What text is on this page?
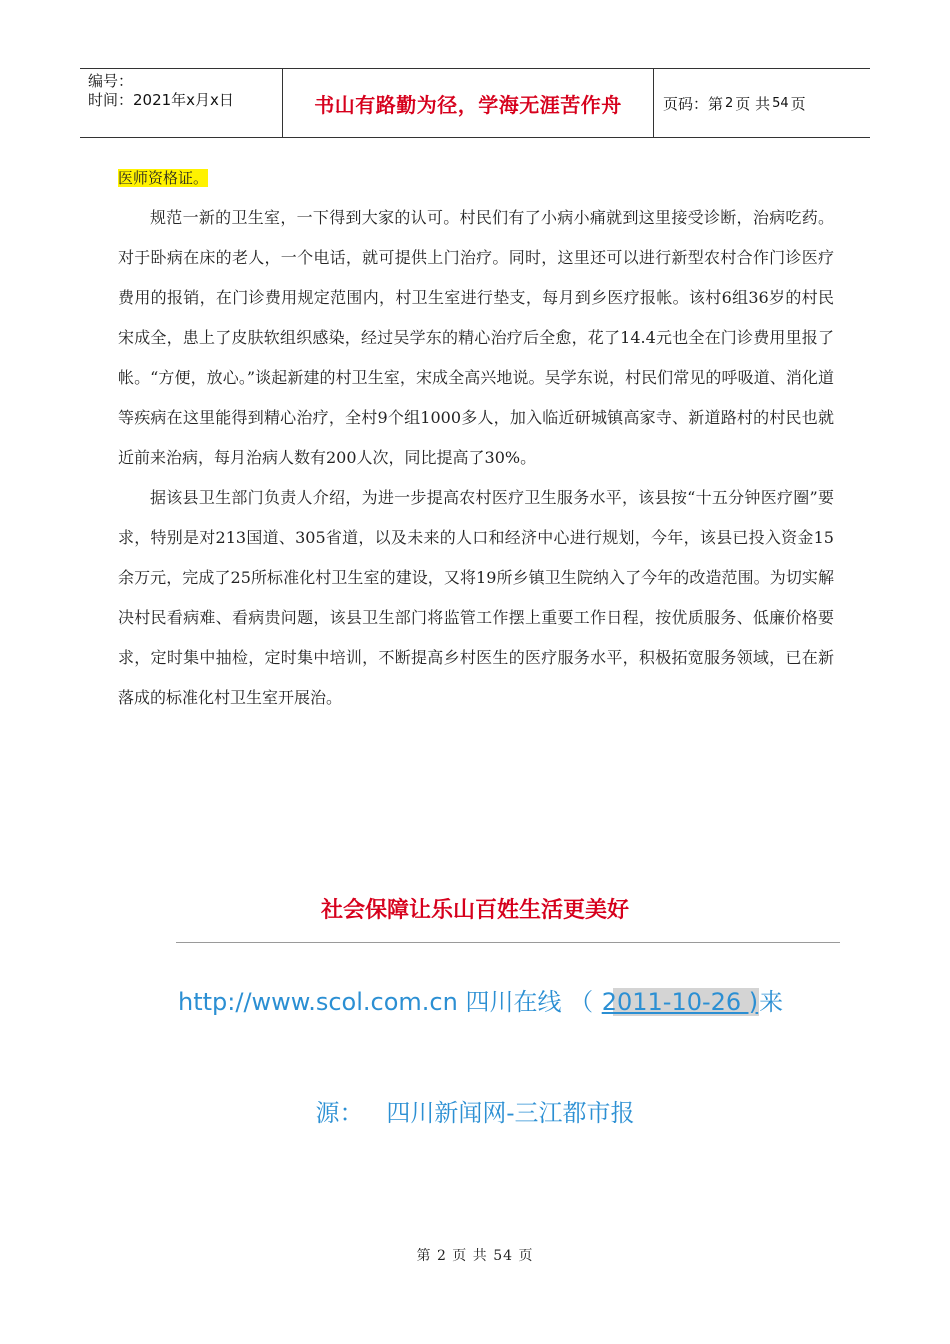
编号：
时间：2021年x月x日	书山有路勤为径，学海无涯苦作舟	页码：第 2 页 共 54 页

医师资格证。

规范一新的卫生室，一下得到大家的认可。村民们有了小病小痛就到这里接受诊断，治病吃药。对于卧病在床的老人，一个电话，就可提供上门治疗。同时，这里还可以进行新型农村合作门诊医疗费用的报销，在门诊费用规定范围内，村卫生室进行垫支，每月到乡医疗报帐。该村6组36岁的村民宋成全，患上了皮肤软组织感染，经过吴学东的精心治疗后全愈，花了14.4元也全在门诊费用里报了帐。“方便，放心。”谈起新建的村卫生室，宋成全高兴地说。吴学东说，村民们常见的呼吸道、消化道等疾病在这里能得到精心治疗，全村9个组1000多人，加入临近研城镇高家寺、新道路村的村民也就近前来治病，每月治病人数有200人次，同比提高了30%。

据该县卫生部门负责人介绍，为进一步提高农村医疗卫生服务水平，该县按“十五分钟医疗圈”要求，特别是对213国道、305省道，以及未来的人口和经济中心进行规划，今年，该县已投入资金15余万元，完成了25所标准化村卫生室的建设，又将19所乡镇卫生院纳入了今年的改造范围。为切实解决村民看病难、看病贵问题，该县卫生部门将监管工作摆上重要工作日程，按优质服务、低廉价格要求，定时集中抽检，定时集中培训，不断提高乡村医生的医疗服务水平，积极拓宽服务领域，已在新落成的标准化村卫生室开展治。

社会保障让乐山百姓生活更美好
http://www.scol.com.cn 四川在线 （ 2011-10-26 )来
源： 四川新闻网-三江都市报
第 2 页 共 54 页
